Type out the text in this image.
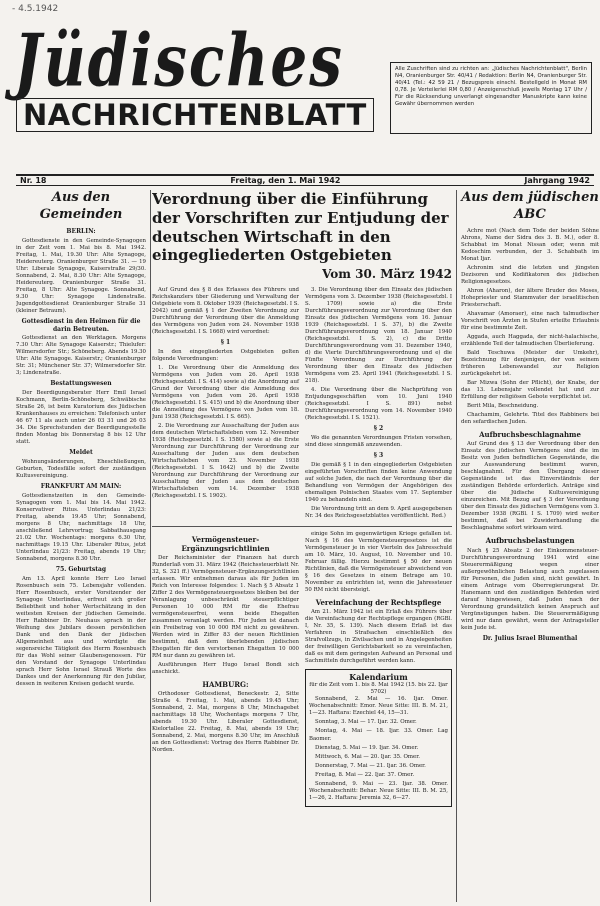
- 4.5.1942
Jüdisches
NACHRICHTENBLATT
Alle Zuschriften sind zu richten an: „Jüdisches Nachrichtenblatt", Berlin N4, Oranienburger Str. 40/41 / Redaktion: Berlin N4, Oranienburger Str. 40/41 (Tel.: 42 59 21 / Bezugspreis einschl. Bestellgeld in Monat RM 0,78. Je Verteilerlei RM 0,80 / Anzeigenschluß jeweils Montag 17 Uhr / Für die Rücksendung unverlangt eingesandter Manuskripte kann keine Gewähr übernommen werden
Nr. 18	Freitag, den 1. Mai 1942	Jahrgang 1942
Aus den Gemeinden
BERLIN:

Gottesdienste in den Gemeinde-Synagogen in der Zeit vom 1. Mai bis 8. Mai 1942. Freitag, 1. Mai, 19.30 Uhr: Alte Synagoge, Heidereuterg. Oranienburger Straße 31. — 19 Uhr: Liberale Synagoge, Kaiserstraße 29/30. Sonnabend, 2. Mai, 8.30 Uhr: Alte Synagoge, Heidereuterg. Oranienburger Straße 31. Freitag, 8 Uhr: Alte Synagoge. Sonnabend, 9.30 Uhr: Synagoge Lindenstraße. Jugendgottesdienst Oranienburger Straße 31 (kleiner Betraum).

Gottesdienst in den Heimen für die darin Betreuten.

Gottesdienst an den Werktagen. Morgens 7.30 Uhr: Alte Synagoge Kaiserstr.; Thielufer: Wilmersdorfer Str.; Schöneberg. Abends 19.30 Uhr: Alte Synagoge. Kaiserstr.; Oranienburger Str. 31; Münchener Str. 37; Wilmersdorfer Str. 3; Lindenstraße.

Bestattungswesen

Der Beerdigungsberater Herr Emil Israel Kochmann, Berlin-Schöneberg, Schwäbische Straße 26, ist beim Kuratorium des Jüdischen Krankenhauses zu erreichen: Telefonisch unter 46 67 11 als auch unter 26 03 31 und 26 03 34. Die Sprechstunden der Beerdigungsstelle finden Montag bis Donnerstag 8 bis 12 Uhr statt.

Meldet

Wohnungsänderungen, Eheschließungen, Geburten, Todesfälle sofort der zuständigen Kultusvereinigung.

FRANKFURT AM MAIN:

Gottesdienstzeiten in den Gemeinde-Synagogen vom 1. Mai bis 14. Mai 1942. Konservativer Ritus. Unterlindau 21/23: Freitag, abends 19.45 Uhr; Sonnabend, morgens 8 Uhr, nachmittags 18 Uhr, anschließend Lehrvortrag; Sabbathausgang 21.02 Uhr. Wochentags: morgens 6.30 Uhr, nachmittags 19.15 Uhr. Liberaler Ritus, jetzt Unterlindau 21/23: Freitag, abends 19 Uhr; Sonnabend, morgens 8.30 Uhr.

75. Geburtstag

Am 13. April konnte Herr Leo Israel Rosenbusch sein 75. Lebensjahr vollenden. Herr Rosenbusch, erster Vorsitzender der Synagoge Unterlindau, erfreut sich großer Beliebtheit und hoher Wertschätzung in den weitesten Kreisen der jüdischen Gemeinde. Herr Rabbiner Dr. Neuhaus sprach in der Weihung des Jubilars dessen persönlichen Dank und den Dank der jüdischen Allgemeinheit aus und würdigte die segensreiche Tätigkeit des Herrn Rosenbusch für das Wohl seiner Glaubensgenossen. Für den Vorstand der Synagoge Unterlindau sprach Herr Sohn Israel Strauß Worte des Dankes und der Anerkennung für den Jubilar, dessen in weiteren Kreisen gedacht wurde.

Verordnung über die Einführung der Vorschriften zur Entjudung der deutschen Wirtschaft in den eingegliederten Ostgebieten
Vom 30. März 1942

Auf Grund des § 8 des Erlasses des Führers und Reichskanzlers über Gliederung und Verwaltung der Ostgebiete vom 8. Oktober 1939 (Reichsgesetzbl. I S. 2042) und gemäß § 1 der Zweiten Verordnung zur Durchführung der Verordnung über die Anmeldung des Vermögens von Juden vom 24. November 1938 (Reichsgesetzbl. I S. 1668) wird verordnet:

§ 1

In den eingegliederten Ostgebieten gelten folgende Verordnungen:

1. Die Verordnung über die Anmeldung des Vermögens von Juden vom 26. April 1938 (Reichsgesetzbl. I S. 414) sowie a) die Anordnung auf Grund der Verordnung über die Anmeldung des Vermögens von Juden vom 26. April 1938 (Reichsgesetzbl. I S. 415) und b) die Anordnung über die Anmeldung des Vermögens von Juden vom 18. Juni 1938 (Reichsgesetzbl. I S. 665).

2. Die Verordnung zur Ausschaltung der Juden aus dem deutschen Wirtschaftsleben vom 12. November 1938 (Reichsgesetzbl. I S. 1580) sowie a) die Erste Verordnung zur Durchführung der Verordnung zur Ausschaltung der Juden aus dem deutschen Wirtschaftsleben vom 23. November 1938 (Reichsgesetzbl. I S. 1642) und b) die Zweite Verordnung zur Durchführung der Verordnung zur Ausschaltung der Juden aus dem deutschen Wirtschaftsleben vom 14. Dezember 1938 (Reichsgesetzbl. I S. 1902).

3. Die Verordnung über den Einsatz des jüdischen Vermögens vom 3. Dezember 1938 (Reichsgesetzbl. I S. 1709) sowie a) die Erste Durchführungsverordnung zur Verordnung über den Einsatz des jüdischen Vermögens vom 16. Januar 1939 (Reichsgesetzbl. I S. 37), b) die Zweite Durchführungsverordnung vom 18. Januar 1940 (Reichsgesetzbl. I S. 2), c) die Dritte Durchführungsverordnung vom 31. Dezember 1940, d) die Vierte Durchführungsverordnung und e) die Fünfte Verordnung zur Durchführung der Verordnung über den Einsatz des jüdischen Vermögens vom 25. April 1941 (Reichsgesetzbl. I S. 218).

4. Die Verordnung über die Nachprüfung von Entjudungsgeschäften vom 10. Juni 1940 (Reichsgesetzbl. I S. 891) nebst Durchführungsverordnung vom 14. November 1940 (Reichsgesetzbl. I S. 1521).

§ 2

Wo die genannten Verordnungen Fristen vorsehen, sind diese sinngemäß anzuwenden.

§ 3

Die gemäß § 1 in den eingegliederten Ostgebieten eingeführten Vorschriften finden keine Anwendung auf solche Juden, die nach der Verordnung über die Behandlung von Vermögen der Angehörigen des ehemaligen Polnischen Staates vom 17. September 1940 zu behandeln sind.

Die Verordnung tritt an dem 9. April ausgegebenen Nr. 34 des Reichsgesetzblattes veröffentlicht. Red.)

Vermögensteuer-Ergänzungsrichtlinien

Der Reichsminister der Finanzen hat durch Runderlaß vom 31. März 1942 (Reichssteuerblatt Nr. 32, S. 321 ff.) Vermögensteuer-Ergänzungsrichtlinien erlassen. Wir entnehmen daraus als für Juden im Reich von Interesse folgendes: 1. Nach § 5 Absatz 1 Ziffer 2 des Vermögensteuergesetzes bleiben bei der Veranlagung unbeschränkt steuerpflichtiger Personen 10 000 RM für die Ehefrau vermögensteuerfrei, wenn beide Ehegatten zusammen veranlagt werden. Für Juden ist danach ein Freibetrag von 10 000 RM nicht zu gewähren. Werden wird in Ziffer 83 der neuen Richtlinien bestimmt, daß dem überlebenden jüdischen Ehegatten für den verstorbenen Ehegatten 10 000 RM nur dann zu gewähren ist.

Ausführungen Herr Hugo Israel Bondi sich anschickt.

HAMBURG:

Orthodoxer Gottesdienst, Beneckestr. 2, Sitte Straße 4. Freitag, 1. Mai, abends 19.45 Uhr; Sonnabend, 2. Mai, morgens 8 Uhr, Minchagebet nachmittags 18 Uhr, Wochentags morgens 7 Uhr, abends 19.30 Uhr. Liberaler Gottesdienst, Kielortallee 22. Freitag, 8. Mai, abends 19 Uhr; Sonnabend, 2. Mai, morgens 8.30 Uhr, im Anschluß an den Gottesdienst: Vortrag des Herrn Rabbiner Dr. Norden.

einige Sohn im gegenwärtigen Kriege gefallen ist. Nach § 16 des Vermögensteuergesetzes ist die Vermögensteuer je in vier Vierteln des Jahresschuld am 10. März, 10. August, 10. November und 10. Februar fällig. Hierzu bestimmt § 50 der neuen Richtlinien, daß die Vermögensteuer abweichend von § 16 des Gesetzes in einem Betrage am 10. November zu entrichten ist, wenn die Jahressteuer 50 RM nicht übersteigt.

Vereinfachung der Rechtspflege

Am 21. März 1942 ist ein Erlaß des Führers über die Vereinfachung der Rechtspflege ergangen (RGBl. I, Nr. 35, S. 139). Nach diesem Erlaß ist das Verfahren in Strafsachen einschließlich des Strafvollzugs, in Zivilsachen und in Angelegenheiten der freiwilligen Gerichtsbarkeit so zu vereinfachen, daß es mit dem geringsten Aufwand an Personal und Sachmitteln durchgeführt werden kann.

Kalendarium
für die Zeit vom 1. bis 8. Mai 1942 (15. bis 22. Ijar 5702)

Sonnabend, 2. Mai — 16. Ijar. Omer. Wochenabschnitt: Emor. Neue Sitte: III. B. M. 21, 1—23. Haftara: Ezechiel 44, 15—31.

Sonntag, 3. Mai — 17. Ijar. 32. Omer.

Montag, 4. Mai — 18. Ijar. 33. Omer. Lag Baomer.

Dienstag, 5. Mai — 19. Ijar. 34. Omer.

Mittwoch, 6. Mai — 20. Ijar. 35. Omer.

Donnerstag, 7. Mai — 21. Ijar. 36. Omer.

Freitag, 8. Mai — 22. Ijar. 37. Omer.

Sonnabend, 9. Mai — 23. Ijar. 38. Omer. Wochenabschnitt: Behar. Neue Sitte: III. B. M. 25, 1—26, 2. Haftara: Jeremia 32, 6—27.

Aus dem jüdischen ABC

Achre mot (Nach dem Tode der beiden Söhne Ahrons, Name der Sidra des 3. B. M.), oder 8. Schabbat im Monat Nissan oder, wenn mit Kedoschim verbunden, der 3. Schabbath im Monat Ijar.

Achronim sind die letzten und jüngsten Dezisoren und Kodifikatoren des jüdischen Religionsgesetzes.

Ahron (Aharon), der ältere Bruder des Moses, Hohepriester und Stammvater der israelitischen Priesterschaft.

Ahavamar (Amoraer), eine nach talmudischer Vorschrift von Ärzten in Stufen erteilte Erlaubnis für eine bestimmte Zeit.

Aggada, auch Haggada, der nicht-halachische, erzählende Teil der talmudischen Überlieferung.

Bald Teschuwa (Meister der Umkehr), Bezeichnung für denjenigen, der von seinem früheren Lebenswandel zur Religion zurückgekehrt ist.

Bar Mizwa (Sohn der Pflicht), der Knabe, der das 13. Lebensjahr vollendet hat und zur Erfüllung der religiösen Gebote verpflichtet ist.

Berit Mila, Beschneidung.

Chachamim, Gelehrte. Titel des Rabbiners bei den sefardischen Juden.

Aufbruchsbeschlagnahme

Auf Grund des § 13 der Verordnung über den Einsatz des jüdischen Vermögens sind die im Besitz von Juden befindlichen Gegenstände, die zur Auswanderung bestimmt waren, beschlagnahmt. Für den Übergang dieser Gegenstände ist das Einverständnis der zuständigen Behörde erforderlich. Anträge sind über die Jüdische Kultusvereinigung einzureichen. Mit Bezug auf § 3 der Verordnung über den Einsatz des jüdischen Vermögens vom 3. Dezember 1938 (RGBl. I S. 1709) wird weiter bestimmt, daß bei Zuwiderhandlung die Beschlagnahme sofort wirksam wird.

Aufbruchsbelastungen

Nach § 25 Absatz 2 der Einkommensteuer-Durchführungsverordnung 1941 wird eine Steuerermäßigung wegen einer außergewöhnlichen Belastung auch zugelassen für Personen, die Juden sind, nicht gewährt. In einem Antrage vom Oberregierungsrat Dr. Hanemann und den zuständigen Behörden wird darauf hingewiesen, daß Juden nach der Verordnung grundsätzlich keinen Anspruch auf Vergünstigungen haben. Die Steuerermäßigung wird nur dann gewährt, wenn der Antragsteller kein Jude ist.

Dr. Julius Israel Blumenthal
